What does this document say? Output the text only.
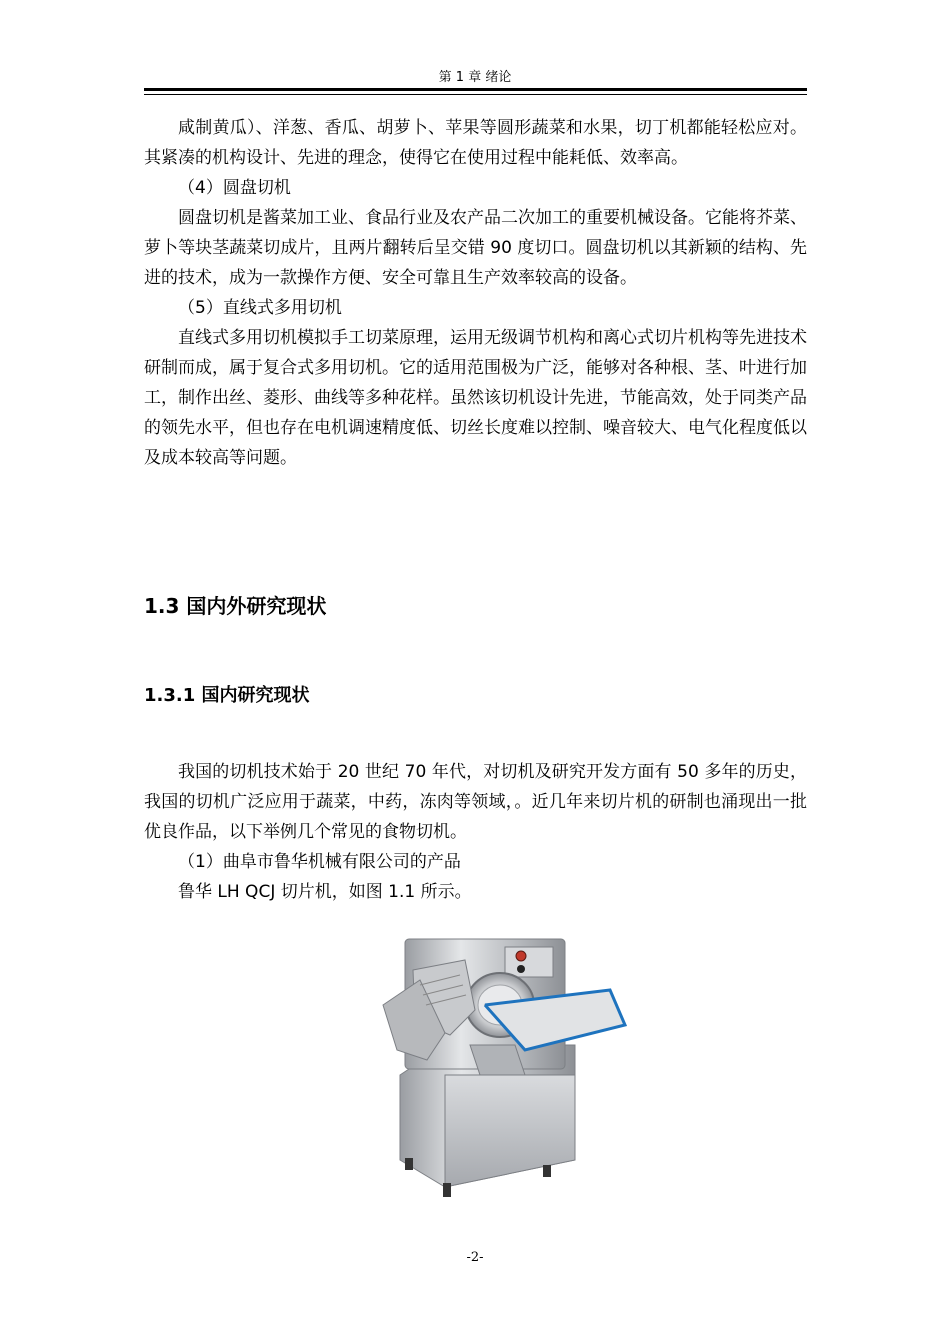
第 1 章 绪论

咸制黄瓜）、洋葱、香瓜、胡萝卜、苹果等圆形蔬菜和水果，切丁机都能轻松应对。其紧凑的机构设计、先进的理念，使得它在使用过程中能耗低、效率高。

（4）圆盘切机

圆盘切机是酱菜加工业、食品行业及农产品二次加工的重要机械设备。它能将芥菜、萝卜等块茎蔬菜切成片，且两片翻转后呈交错 90 度切口。圆盘切机以其新颖的结构、先进的技术，成为一款操作方便、安全可靠且生产效率较高的设备。

（5）直线式多用切机

直线式多用切机模拟手工切菜原理，运用无级调节机构和离心式切片机构等先进技术研制而成，属于复合式多用切机。它的适用范围极为广泛，能够对各种根、茎、叶进行加工，制作出丝、菱形、曲线等多种花样。虽然该切机设计先进，节能高效，处于同类产品的领先水平，但也存在电机调速精度低、切丝长度难以控制、噪音较大、电气化程度低以及成本较高等问题。

1.3 国内外研究现状
1.3.1 国内研究现状

我国的切机技术始于 20 世纪 70 年代，对切机及研究开发方面有 50 多年的历史，我国的切机广泛应用于蔬菜，中药，冻肉等领域，。近几年来切片机的研制也涌现出一批优良作品，以下举例几个常见的食物切机。

（1）曲阜市鲁华机械有限公司的产品

鲁华 LH QCJ 切片机，如图 1.1 所示。

-2-
